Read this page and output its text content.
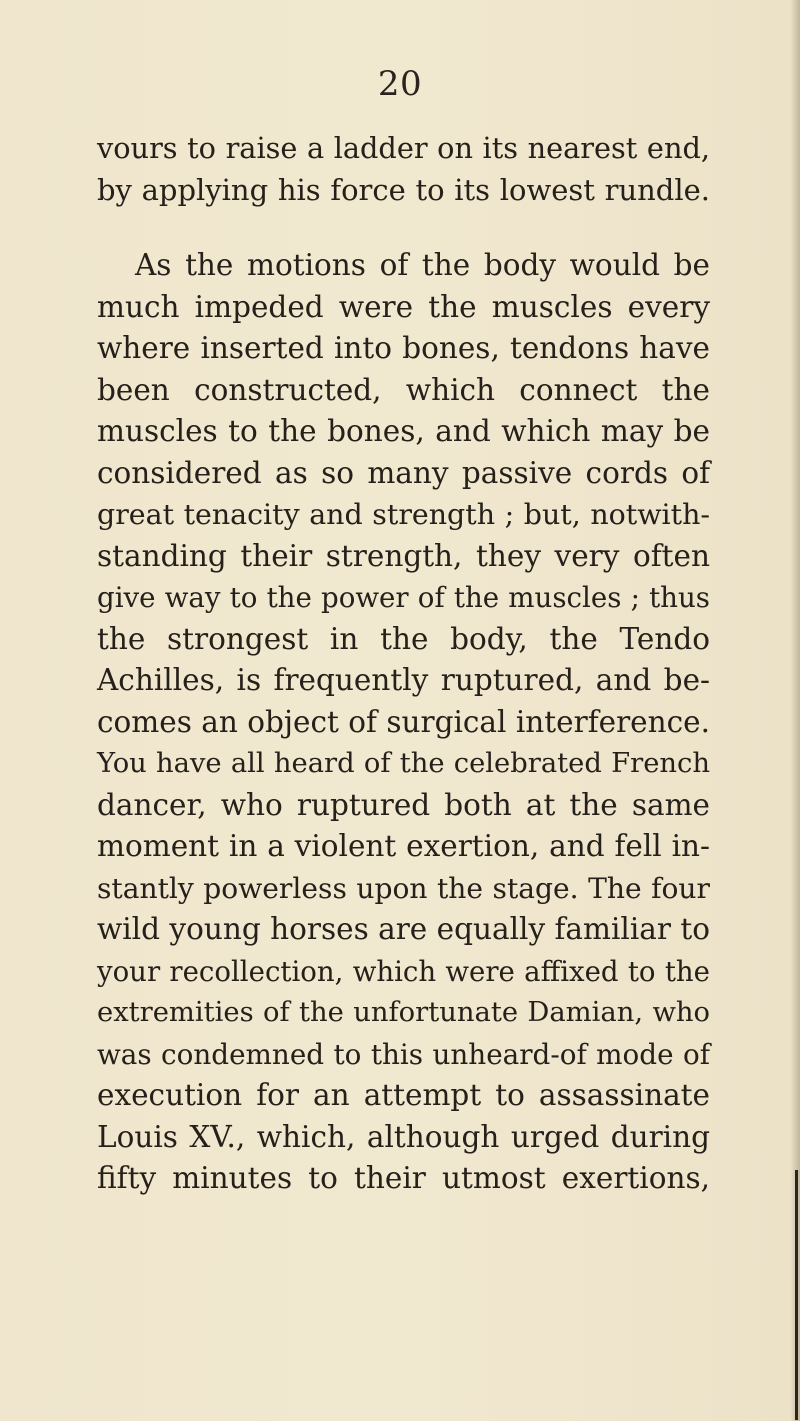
20

vours to raise a ladder on its nearest end,
by applying his force to its lowest rundle.
As the motions of the body would be
much impeded were the muscles every
where inserted into bones, tendons have
been constructed, which connect the
muscles to the bones, and which may be
considered as so many passive cords of
great tenacity and strength ; but, notwith-
standing their strength, they very often
give way to the power of the muscles ; thus
the strongest in the body, the Tendo
Achilles, is frequently ruptured, and be-
comes an object of surgical interference.
You have all heard of the celebrated French
dancer, who ruptured both at the same
moment in a violent exertion, and fell in-
stantly powerless upon the stage. The four
wild young horses are equally familiar to
your recollection, which were affixed to the
extremities of the unfortunate Damian, who
was condemned to this unheard-of mode of
execution for an attempt to assassinate
Louis XV., which, although urged during
fifty minutes to their utmost exertions,
